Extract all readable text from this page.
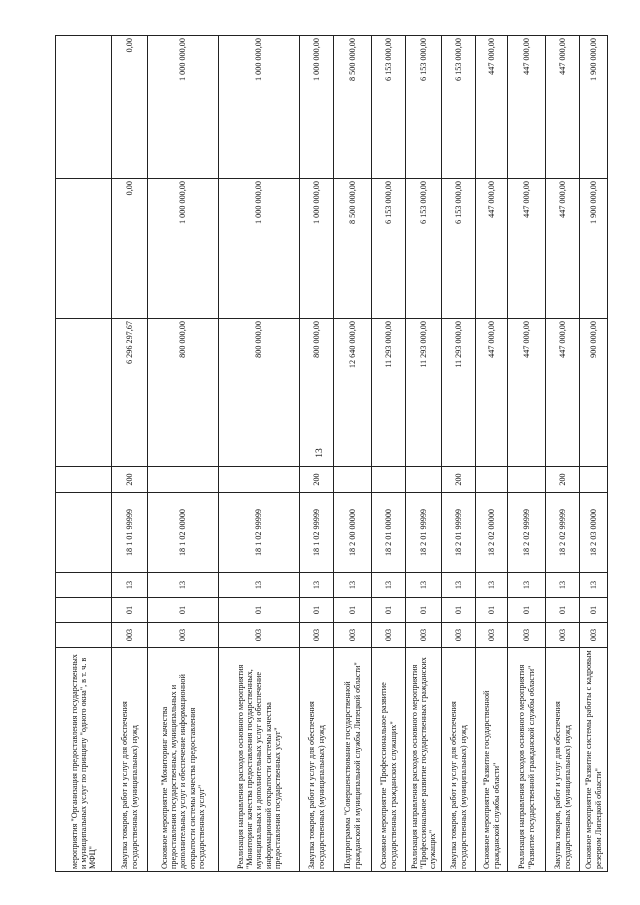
13
мероприятия "Организация предоставления государственных и муниципальных услуг по принципу "одного окна", в т. ч. в МФЦ"								
Закупка товаров, работ и услуг для обеспечения государственных (муниципальных) нужд	003	01	13	18 1 01 99999	200	6 296 297,67	0,00	0,00
Основное мероприятие "Мониторинг качества предоставления государственных, муниципальных и дополнительных услуг и обеспечение информационной открытости системы качества предоставления государственных услуг"	003	01	13	18 1 02 00000		800 000,00	1 000 000,00	1 000 000,00
Реализация направления расходов основного мероприятия "Мониторинг качества предоставления государственных, муниципальных и дополнительных услуг и обеспечение информационной открытости системы качества предоставления государственных услуг"	003	01	13	18 1 02 99999		800 000,00	1 000 000,00	1 000 000,00
Закупка товаров, работ и услуг для обеспечения государственных (муниципальных) нужд	003	01	13	18 1 02 99999	200	800 000,00	1 000 000,00	1 000 000,00
Подпрограмма "Совершенствование государственной гражданской и муниципальной службы Липецкой области"	003	01	13	18 2 00 00000		12 640 000,00	8 500 000,00	8 500 000,00
Основное мероприятие "Профессиональное развитие государственных гражданских служащих"	003	01	13	18 2 01 00000		11 293 000,00	6 153 000,00	6 153 000,00
Реализация направления расходов основного мероприятия "Профессиональное развитие государственных гражданских служащих"	003	01	13	18 2 01 99999		11 293 000,00	6 153 000,00	6 153 000,00
Закупка товаров, работ и услуг для обеспечения государственных (муниципальных) нужд	003	01	13	18 2 01 99999	200	11 293 000,00	6 153 000,00	6 153 000,00
Основное мероприятие "Развитие государственной гражданской службы области"	003	01	13	18 2 02 00000		447 000,00	447 000,00	447 000,00
Реализация направления расходов основного мероприятия "Развитие государственной гражданской службы области"	003	01	13	18 2 02 99999		447 000,00	447 000,00	447 000,00
Закупка товаров, работ и услуг для обеспечения государственных (муниципальных) нужд	003	01	13	18 2 02 99999	200	447 000,00	447 000,00	447 000,00
Основное мероприятие "Развитие системы работы с кадровым резервом Липецкой области"	003	01	13	18 2 03 00000		900 000,00	1 900 000,00	1 900 000,00
